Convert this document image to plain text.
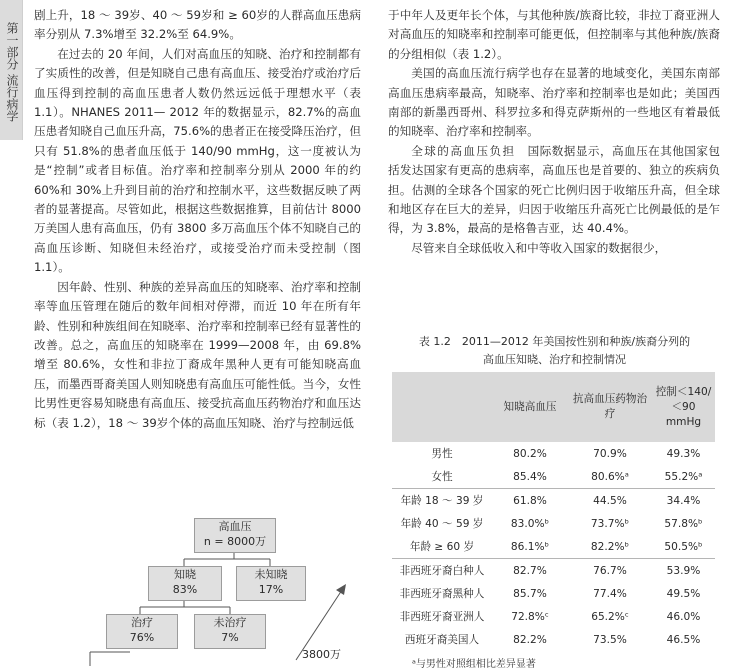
第一部分 流行病学

剧上升，18 ～ 39岁、40 ～ 59岁和 ≥ 60岁的人群高血压患病率分别从 7.3%增至 32.2%至 64.9%。

在过去的 20 年间，人们对高血压的知晓、治疗和控制都有了实质性的改善，但是知晓自己患有高血压、接受治疗或治疗后血压得到控制的高血压患者人数仍然远远低于理想水平（表 1.1）。NHANES 2011— 2012 年的数据显示，82.7%的高血压患者知晓自己血压升高，75.6%的患者正在接受降压治疗，但只有 51.8%的患者血压低于 140/90 mmHg，这一度被认为是“控制”或者目标值。治疗率和控制率分别从 2000 年的约 60%和 30%上升到目前的治疗和控制水平，这些数据反映了两者的显著提高。尽管如此，根据这些数据推算，目前估计 8000 万美国人患有高血压，仍有 3800 多万高血压个体不知晓自己的高血压诊断、知晓但未经治疗，或接受治疗而未受控制（图 1.1）。

因年龄、性别、种族的差异高血压的知晓率、治疗率和控制率等血压管理在随后的数年间相对停滞，而近 10 年在所有年龄、性别和种族组间在知晓率、治疗率和控制率已经有显著性的改善。总之，高血压的知晓率在 1999—2008 年，由 69.8%增至 80.6%，女性和非拉丁裔成年黑种人更有可能知晓高血压，而墨西哥裔美国人则知晓患有高血压可能性低。当今，女性比男性更容易知晓患有高血压、接受抗高血压药物治疗和血压达标（表 1.2），18 ～ 39岁个体的高血压知晓、治疗与控制远低

于中年人及更年长个体，与其他种族/族裔比较，非拉丁裔亚洲人对高血压的知晓率和控制率可能更低，但控制率与其他种族/族裔的分组相似（表 1.2）。

美国的高血压流行病学也存在显著的地域变化，美国东南部高血压患病率最高，知晓率、治疗率和控制率也是如此；美国西南部的新墨西哥州、科罗拉多和得克萨斯州的一些地区有着最低的知晓率、治疗率和控制率。

全球的高血压负担　 国际数据显示，高血压在其他国家包括发达国家有更高的患病率，高血压也是首要的、独立的疾病负担。估测的全球各个国家的死亡比例归因于收缩压升高，但全球和地区存在巨大的差异，归因于收缩压升高死亡比例最低的是乍得，为 3.8%，最高的是格鲁吉亚，达 40.4%。

尽管来自全球低收入和中等收入国家的数据很少，

表 1.2　2011—2012 年美国按性别和种族/族裔分列的
高血压知晓、治疗和控制情况
	知晓高血压	抗高血压药物治疗	控制＜140/＜90 mmHg
男性	80.2%	70.9%	49.3%
女性	85.4%	80.6%ᵃ	55.2%ᵃ
年龄 18 ～ 39 岁	61.8%	44.5%	34.4%
年龄 40 ～ 59 岁	83.0%ᵇ	73.7%ᵇ	57.8%ᵇ
年龄 ≥ 60 岁	86.1%ᵇ	82.2%ᵇ	50.5%ᵇ
非西班牙裔白种人	82.7%	76.7%	53.9%
非西班牙裔黑种人	85.7%	77.4%	49.5%
非西班牙裔亚洲人	72.8%ᶜ	65.2%ᶜ	46.0%
西班牙裔美国人	82.2%	73.5%	46.5%
ᵃ与男性对照组相比差异显著
高血压
n = 8000万
知晓
83%
未知晓
17%
治疗
76%
未治疗
7%
3800万
